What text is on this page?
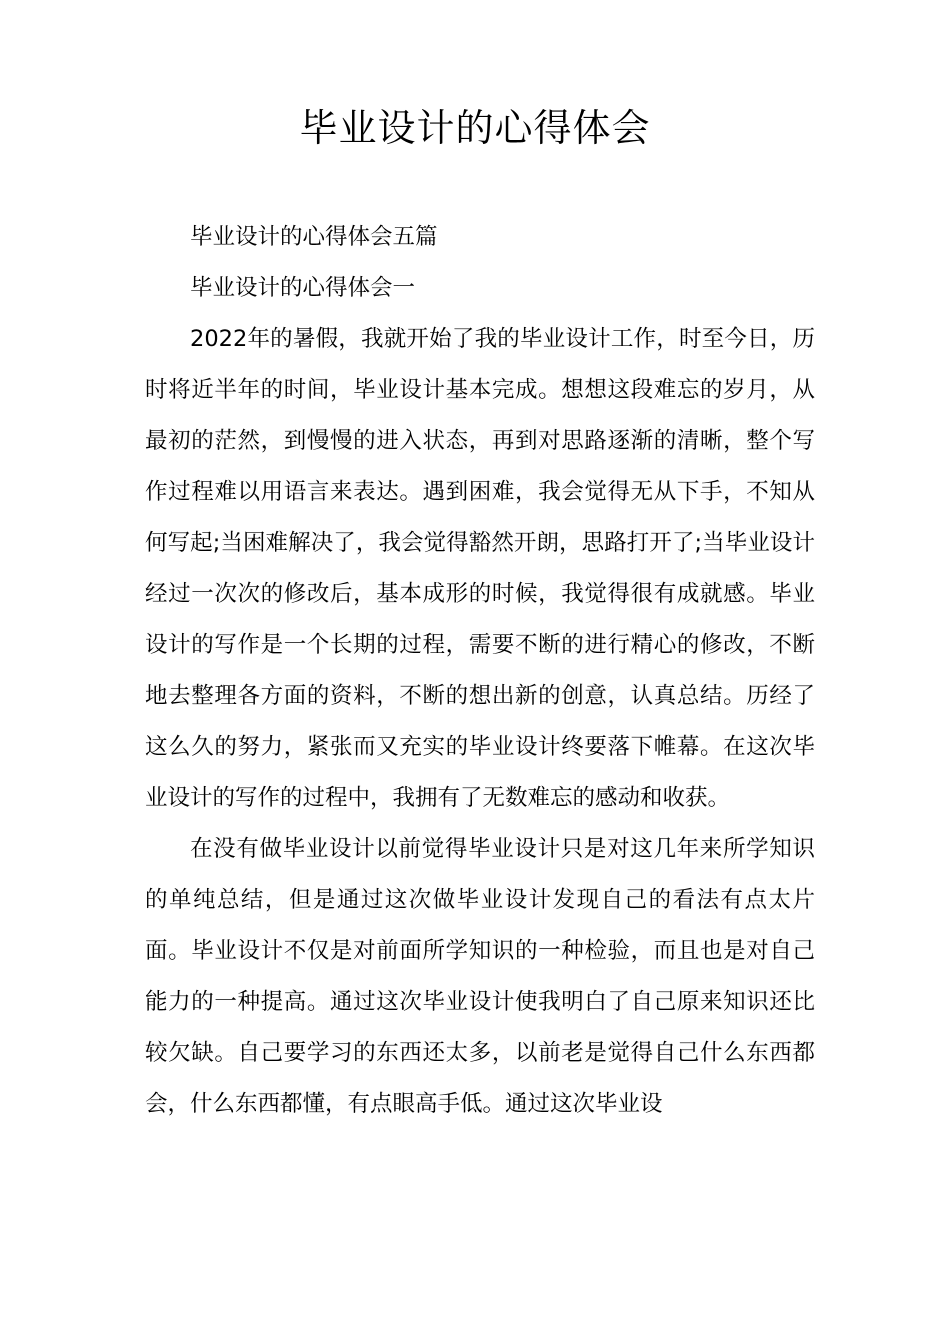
毕业设计的心得体会

毕业设计的心得体会五篇

毕业设计的心得体会一

2022年的暑假，我就开始了我的毕业设计工作，时至今日，历时将近半年的时间，毕业设计基本完成。想想这段难忘的岁月，从最初的茫然，到慢慢的进入状态，再到对思路逐渐的清晰，整个写作过程难以用语言来表达。遇到困难，我会觉得无从下手，不知从何写起;当困难解决了，我会觉得豁然开朗，思路打开了;当毕业设计经过一次次的修改后，基本成形的时候，我觉得很有成就感。毕业设计的写作是一个长期的过程，需要不断的进行精心的修改，不断地去整理各方面的资料，不断的想出新的创意，认真总结。历经了这么久的努力，紧张而又充实的毕业设计终要落下帷幕。在这次毕业设计的写作的过程中，我拥有了无数难忘的感动和收获。

在没有做毕业设计以前觉得毕业设计只是对这几年来所学知识的单纯总结，但是通过这次做毕业设计发现自己的看法有点太片面。毕业设计不仅是对前面所学知识的一种检验，而且也是对自己能力的一种提高。通过这次毕业设计使我明白了自己原来知识还比较欠缺。自己要学习的东西还太多，以前老是觉得自己什么东西都会，什么东西都懂，有点眼高手低。通过这次毕业设
